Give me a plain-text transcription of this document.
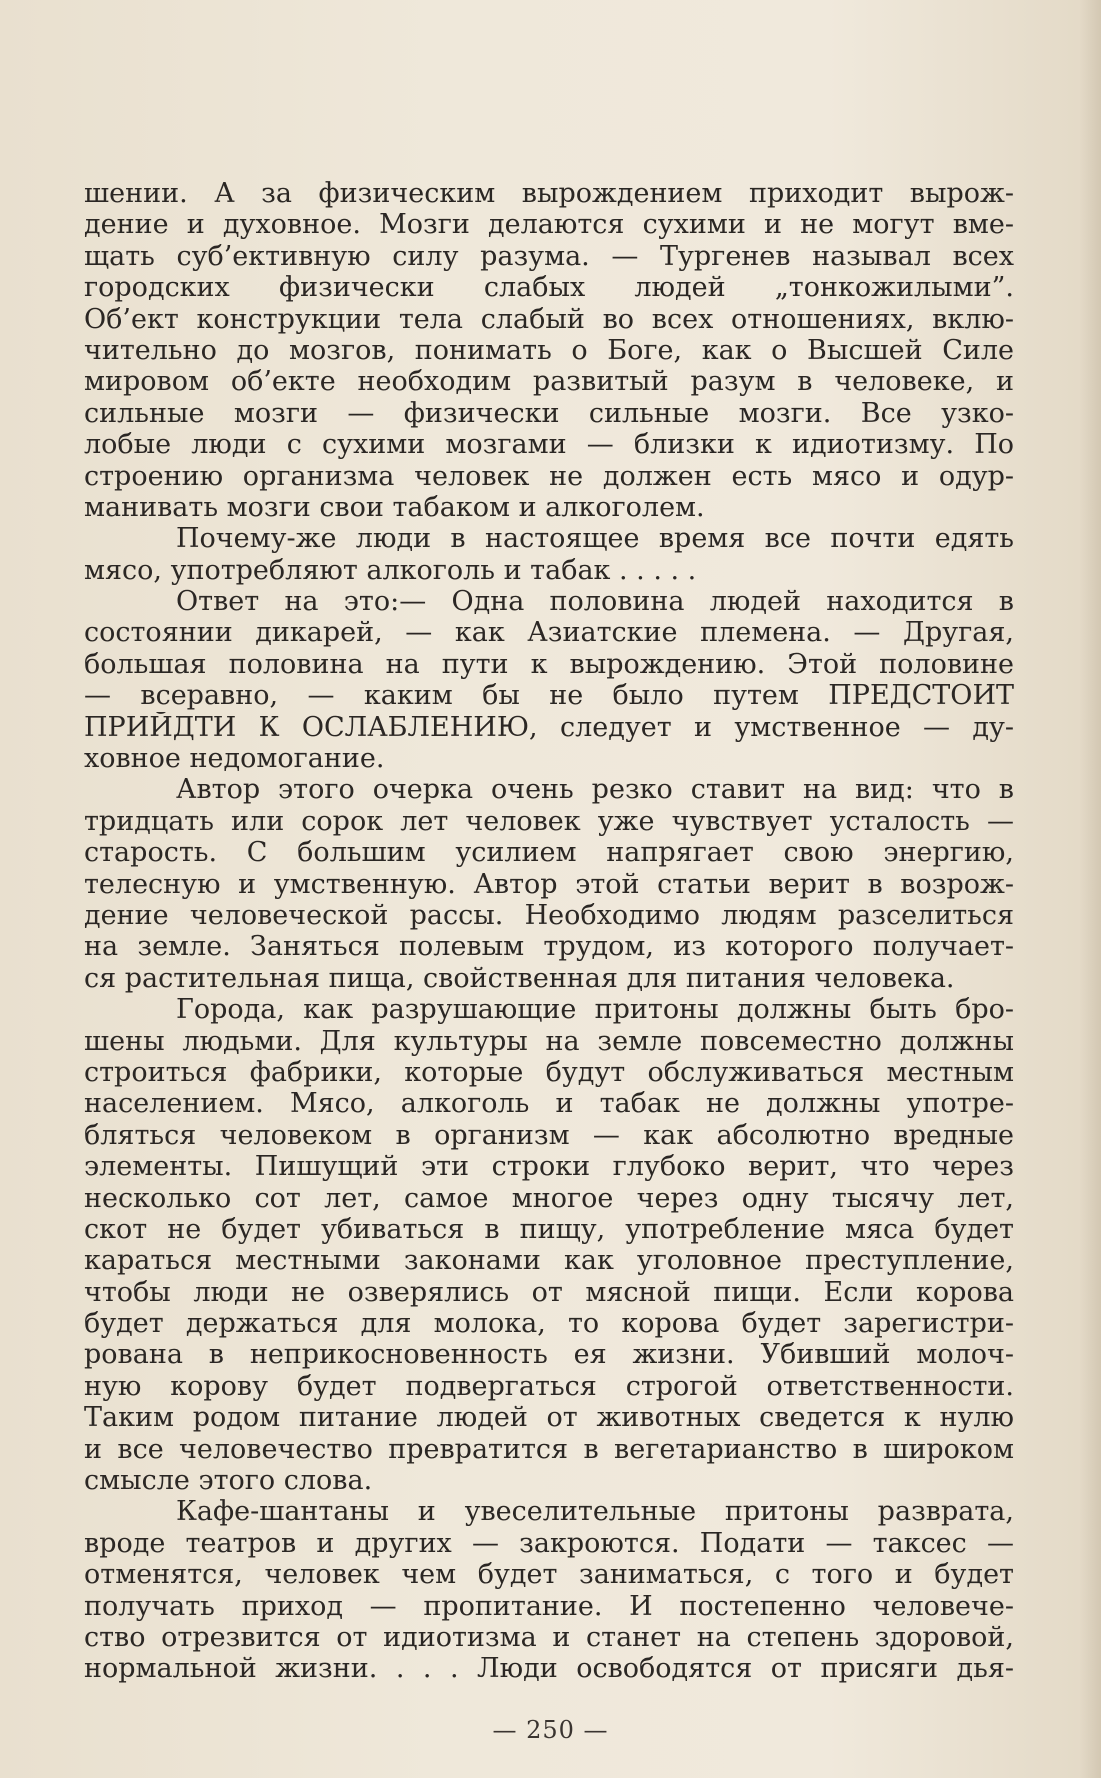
шении. А за физическим вырождением приходит вырож-
дение и духовное. Мозги делаются сухими и не могут вме-
щать суб’ективную силу разума. — Тургенев называл всех
городских физически слабых людей „тонкожилыми”.
Об’ект конструкции тела слабый во всех отношениях, вклю-
чительно до мозгов, понимать о Боге, как о Высшей Силе
мировом об’екте необходим развитый разум в человеке, и
сильные мозги — физически сильные мозги. Все узко-
лобые люди с сухими мозгами — близки к идиотизму. По
строению организма человек не должен есть мясо и одур-
манивать мозги свои табаком и алкоголем.
Почему-же люди в настоящее время все почти едять
мясо, употребляют алкоголь и табак . . . . .
Ответ на это:— Одна половина людей находится в
состоянии дикарей, — как Азиатские племена. — Другая,
большая половина на пути к вырождению. Этой половине
— всеравно, — каким бы не было путем ПРЕДСТОИТ
ПРИЙДТИ К ОСЛАБЛЕНИЮ, следует и умственное — ду-
ховное недомогание.
Автор этого очерка очень резко ставит на вид: что в
тридцать или сорок лет человек уже чувствует усталость —
старость. С большим усилием напрягает свою энергию,
телесную и умственную. Автор этой статьи верит в возрож-
дение человеческой рассы. Необходимо людям разселиться
на земле. Заняться полевым трудом, из которого получает-
ся растительная пища, свойственная для питания человека.
Города, как разрушающие притоны должны быть бро-
шены людьми. Для культуры на земле повсеместно должны
строиться фабрики, которые будут обслуживаться местным
населением. Мясо, алкоголь и табак не должны употре-
бляться человеком в организм — как абсолютно вредные
элементы. Пишущий эти строки глубоко верит, что через
несколько сот лет, самое многое через одну тысячу лет,
скот не будет убиваться в пищу, употребление мяса будет
караться местными законами как уголовное преступление,
чтобы люди не озверялись от мясной пищи. Если корова
будет держаться для молока, то корова будет зарегистри-
рована в неприкосновенность ея жизни. Убивший молоч-
ную корову будет подвергаться строгой ответственности.
Таким родом питание людей от животных сведется к нулю
и все человечество превратится в вегетарианство в широком
смысле этого слова.
Кафе-шантаны и увеселительные притоны разврата,
вроде театров и других — закроются. Подати — таксес —
отменятся, человек чем будет заниматься, с того и будет
получать приход — пропитание. И постепенно человече-
ство отрезвится от идиотизма и станет на степень здоровой,
нормальной жизни. . . . Люди освободятся от присяги дья-
— 250 —
